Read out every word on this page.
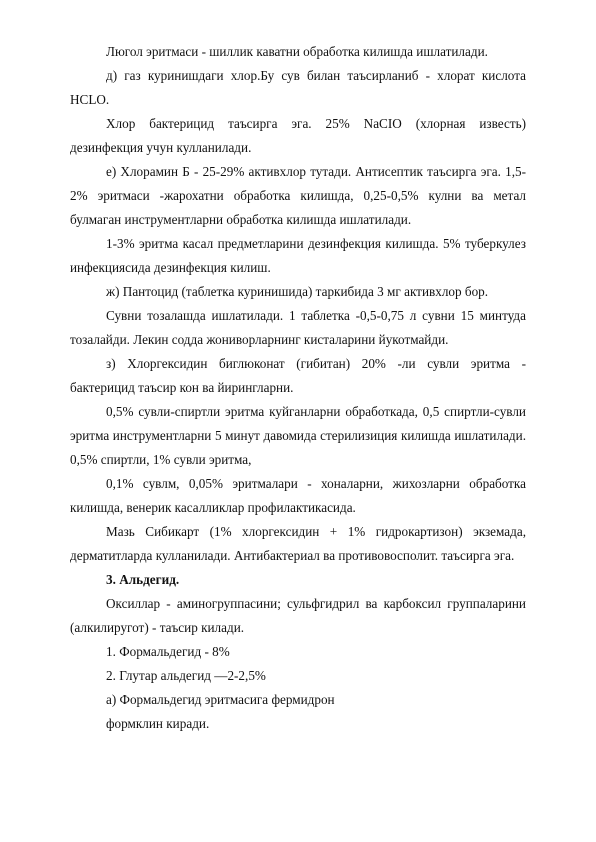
Люгол эритмаси - шиллик каватни обработка килишда ишлатилади.

д) газ куринишдаги хлор.Бу сув билан таъсирланиб - хлорат кислота HCLO.

Хлор бактерицид таъсирга эга. 25% NaCIO (хлорная известь) дезинфекция учун кулланилади.

е) Хлорамин Б - 25-29% активхлор тутади. Антисептик таъсирга эга. 1,5-2% эритмаси -жарохатни обработка килишда, 0,25-0,5% кулни ва метал булмаган инструментларни обработка килишда ишлатилади.

1-3% эритма касал предметларини дезинфекция килишда. 5% туберкулез инфекциясида дезинфекция килиш.

ж) Пантоцид (таблетка куринишида) таркибида 3 мг активхлор бор.

Сувни тозалашда ишлатилади. 1 таблетка -0,5-0,75 л сувни 15 минтуда тозалайди. Лекин содда жониворларнинг кисталарини йукотмайди.

з) Хлоргексидин биглюконат (гибитан) 20% -ли сувли эритма - бактерицид таъсир кон ва йирингларни.

0,5% сувли-спиртли эритма куйганларни обработкада, 0,5 спиртли-сувли эритма инструментларни 5 минут давомида стерилизиция килишда ишлатилади. 0,5% спиртли, 1% сувли эритма,

0,1% сувлм, 0,05% эритмалари - хоналарни, жихозларни обработка килишда, венерик касалликлар профилактикасида.

Мазь Сибикарт (1% хлоргексидин + 1% гидрокартизон) экземада, дерматитларда кулланилади. Антибактериал ва противовосполит. таъсирга эга.

3. Альдегид.

Оксиллар - аминогруппасини; сульфгидрил ва карбоксил группаларини (алкилиругот) - таъсир килади.

1. Формальдегид - 8%

2. Глутар альдегид —2-2,5%

а) Формальдегид эритмасига фермидрон

формклин киради.
